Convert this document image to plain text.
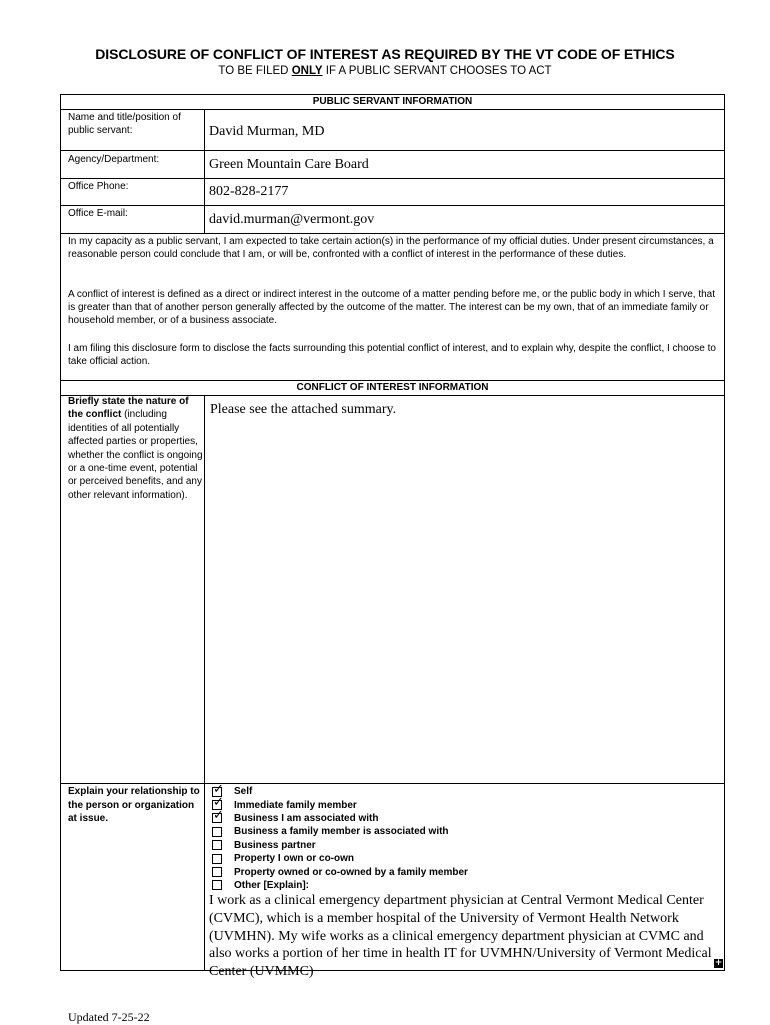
DISCLOSURE OF CONFLICT OF INTEREST AS REQUIRED BY THE VT CODE OF ETHICS
TO BE FILED ONLY IF A PUBLIC SERVANT CHOOSES TO ACT
PUBLIC SERVANT INFORMATION
Name and title/position of public servant:	David Murman, MD
Agency/Department:	Green Mountain Care Board
Office Phone:	802-828-2177
Office E-mail:	david.murman@vermont.gov
In my capacity as a public servant, I am expected to take certain action(s) in the performance of my official duties. Under present circumstances, a reasonable person could conclude that I am, or will be, confronted with a conflict of interest in the performance of these duties.
A conflict of interest is defined as a direct or indirect interest in the outcome of a matter pending before me, or the public body in which I serve, that is greater than that of another person generally affected by the outcome of the matter. The interest can be my own, that of an immediate family or household member, or of a business associate.
I am filing this disclosure form to disclose the facts surrounding this potential conflict of interest, and to explain why, despite the conflict, I choose to take official action.
CONFLICT OF INTEREST INFORMATION
Briefly state the nature of the conflict (including identities of all potentially affected parties or properties, whether the conflict is ongoing or a one-time event, potential or perceived benefits, and any other relevant information).
Please see the attached summary.
Explain your relationship to the person or organization at issue.
✓ Self
✓ Immediate family member
✓ Business I am associated with
Business a family member is associated with
Business partner
Property I own or co-own
Property owned or co-owned by a family member
Other [Explain]:
I work as a clinical emergency department physician at Central Vermont Medical Center (CVMC), which is a member hospital of the University of Vermont Health Network (UVMHN). My wife works as a clinical emergency department physician at CVMC and also works a portion of her time in health IT for UVMHN/University of Vermont Medical Center (UVMMC)
+
Updated 7-25-22
